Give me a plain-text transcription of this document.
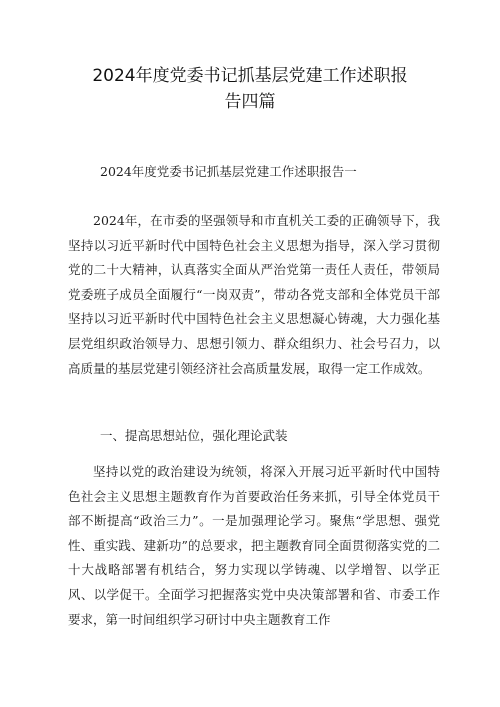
2024年度党委书记抓基层党建工作述职报
告四篇

2024年度党委书记抓基层党建工作述职报告一

2024年，在市委的坚强领导和市直机关工委的正确领导下，我坚持以习近平新时代中国特色社会主义思想为指导，深入学习贯彻党的二十大精神，认真落实全面从严治党第一责任人责任，带领局党委班子成员全面履行“一岗双责”，带动各党支部和全体党员干部坚持以习近平新时代中国特色社会主义思想凝心铸魂，大力强化基层党组织政治领导力、思想引领力、群众组织力、社会号召力，以高质量的基层党建引领经济社会高质量发展，取得一定工作成效。

一、提高思想站位，强化理论武装

坚持以党的政治建设为统领，将深入开展习近平新时代中国特色社会主义思想主题教育作为首要政治任务来抓，引导全体党员干部不断提高“政治三力”。一是加强理论学习。聚焦“学思想、强党性、重实践、建新功”的总要求，把主题教育同全面贯彻落实党的二十大战略部署有机结合，努力实现以学铸魂、以学增智、以学正风、以学促干。全面学习把握落实党中央决策部署和省、市委工作要求，第一时间组织学习研讨中央主题教育工作
